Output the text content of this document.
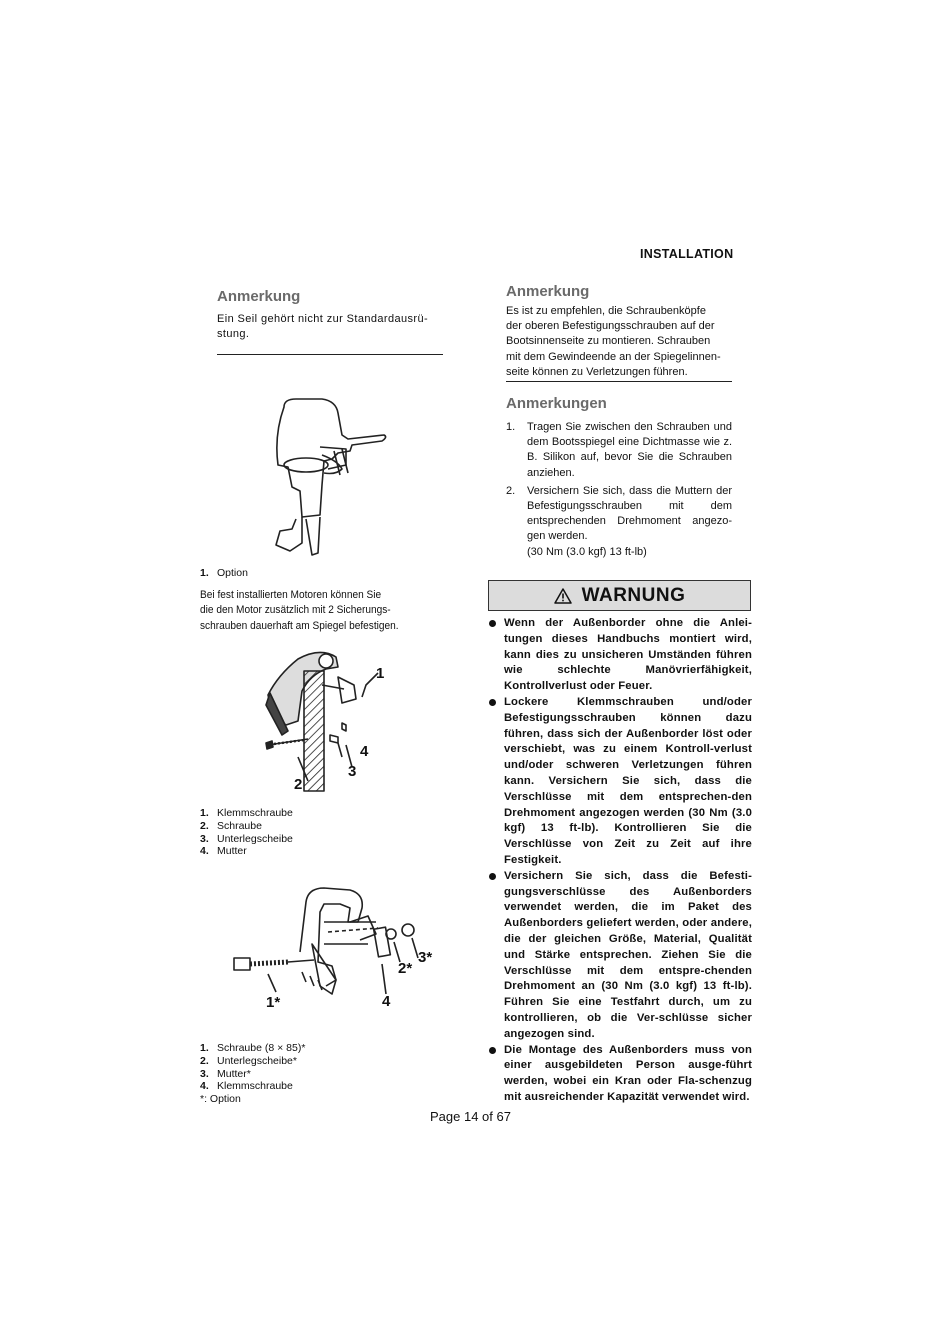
INSTALLATION
Anmerkung
Ein Seil gehört nicht zur Standardausrü-
stung.
1. Option
Bei fest installierten Motoren können Sie
die den Motor zusätzlich mit 2 Sicherungs-
schrauben dauerhaft am Spiegel befestigen.
1
2
3
4
1. Klemmschraube
2. Schraube
3. Unterlegscheibe
4. Mutter
1*
2*
3*
4
1. Schraube (8 × 85)*
2. Unterlegscheibe*
3. Mutter*
4. Klemmschraube
*: Option
Anmerkung
Es ist zu empfehlen, die Schraubenköpfe
der oberen Befestigungsschrauben auf der
Bootsinnenseite zu montieren. Schrauben
mit dem Gewindeende an der Spiegelinnen-
seite können zu Verletzungen führen.
Anmerkungen
1. Tragen Sie zwischen den Schrauben und dem Bootsspiegel eine Dichtmasse wie z. B. Silikon auf, bevor Sie die Schrauben anziehen.
2. Versichern Sie sich, dass die Muttern der Befestigungsschrauben mit dem entsprechenden Drehmoment angezo-gen werden.
(30 Nm (3.0 kgf) 13 ft-lb)
WARNUNG
Wenn der Außenborder ohne die Anlei-tungen dieses Handbuchs montiert wird, kann dies zu unsicheren Umständen führen wie schlechte Manövrierfähigkeit, Kontrollverlust oder Feuer.
Lockere Klemmschrauben und/oder Befestigungsschrauben können dazu führen, dass sich der Außenborder löst oder verschiebt, was zu einem Kontroll-verlust und/oder schweren Verletzungen führen kann. Versichern Sie sich, dass die Verschlüsse mit dem entsprechen-den Drehmoment angezogen werden (30 Nm (3.0 kgf) 13 ft-lb). Kontrollieren Sie die Verschlüsse von Zeit zu Zeit auf ihre Festigkeit.
Versichern Sie sich, dass die Befesti-gungsverschlüsse des Außenborders verwendet werden, die im Paket des Außenborders geliefert werden, oder andere, die der gleichen Größe, Material, Qualität und Stärke entsprechen. Ziehen Sie die Verschlüsse mit dem entspre-chenden Drehmoment an (30 Nm (3.0 kgf) 13 ft-lb). Führen Sie eine Testfahrt durch, um zu kontrollieren, ob die Ver-schlüsse sicher angezogen sind.
Die Montage des Außenborders muss von einer ausgebildeten Person ausge-führt werden, wobei ein Kran oder Fla-schenzug mit ausreichender Kapazität verwendet wird.
Page 14 of 67
